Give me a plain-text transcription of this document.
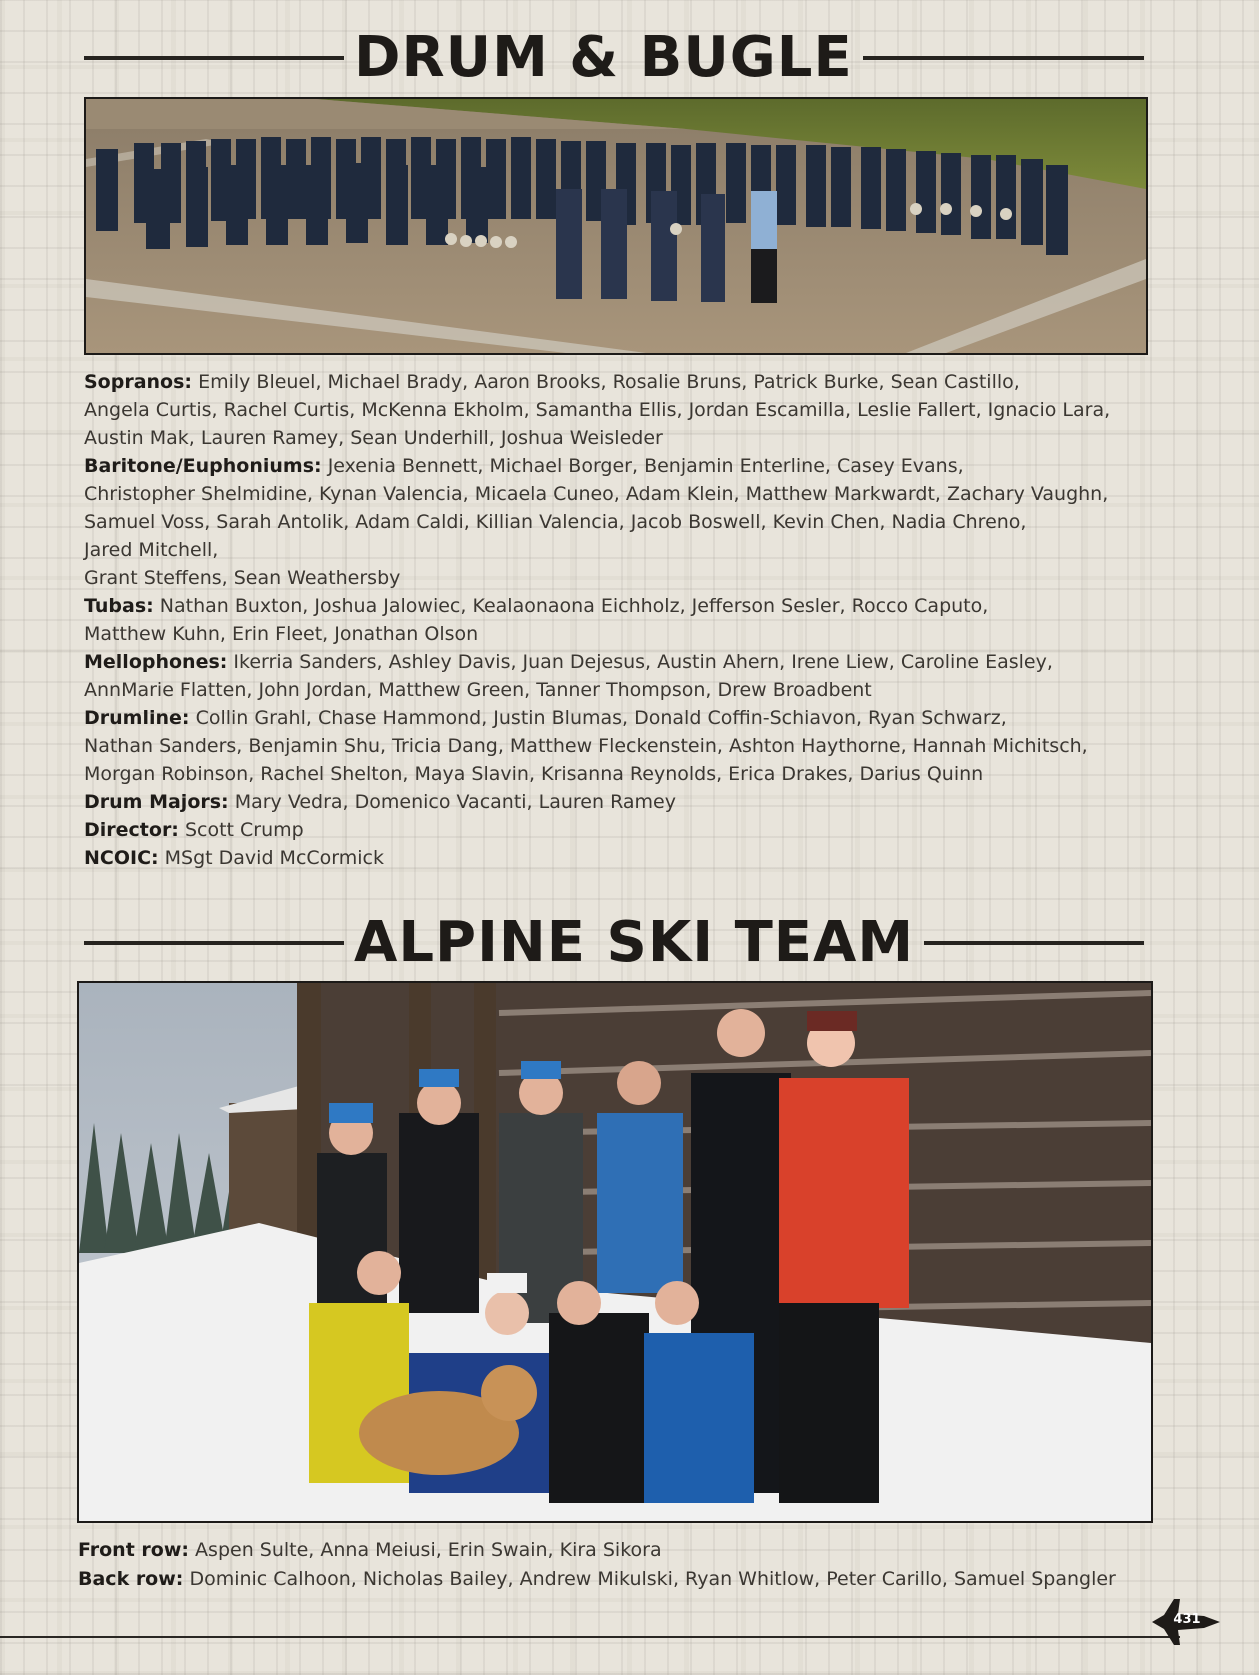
DRUM & BUGLE
Sopranos: Emily Bleuel, Michael Brady, Aaron Brooks, Rosalie Bruns, Patrick Burke, Sean Castillo,
Angela Curtis, Rachel Curtis, McKenna Ekholm, Samantha Ellis, Jordan Escamilla, Leslie Fallert, Ignacio Lara,
Austin Mak, Lauren Ramey, Sean Underhill, Joshua Weisleder
Baritone/Euphoniums: Jexenia Bennett, Michael Borger, Benjamin Enterline, Casey Evans,
Christopher Shelmidine, Kynan Valencia, Micaela Cuneo, Adam Klein, Matthew Markwardt, Zachary Vaughn,
Samuel Voss, Sarah Antolik, Adam Caldi, Killian Valencia, Jacob Boswell, Kevin Chen, Nadia Chreno,
Jared Mitchell,
Grant Steffens, Sean Weathersby
Tubas: Nathan Buxton, Joshua Jalowiec, Kealaonaona Eichholz, Jefferson Sesler, Rocco Caputo,
Matthew Kuhn, Erin Fleet, Jonathan Olson
Mellophones: Ikerria Sanders, Ashley Davis, Juan Dejesus, Austin Ahern, Irene Liew, Caroline Easley,
AnnMarie Flatten, John Jordan, Matthew Green, Tanner Thompson, Drew Broadbent
Drumline: Collin Grahl, Chase Hammond, Justin Blumas, Donald Coffin-Schiavon, Ryan Schwarz,
Nathan Sanders, Benjamin Shu, Tricia Dang, Matthew Fleckenstein, Ashton Haythorne, Hannah Michitsch,
Morgan Robinson, Rachel Shelton, Maya Slavin, Krisanna Reynolds, Erica Drakes, Darius Quinn
Drum Majors: Mary Vedra, Domenico Vacanti, Lauren Ramey
Director: Scott Crump
NCOIC: MSgt David McCormick
ALPINE SKI TEAM
Front row: Aspen Sulte, Anna Meiusi, Erin Swain, Kira Sikora
Back row: Dominic Calhoon, Nicholas Bailey, Andrew Mikulski, Ryan Whitlow, Peter Carillo, Samuel Spangler
431
